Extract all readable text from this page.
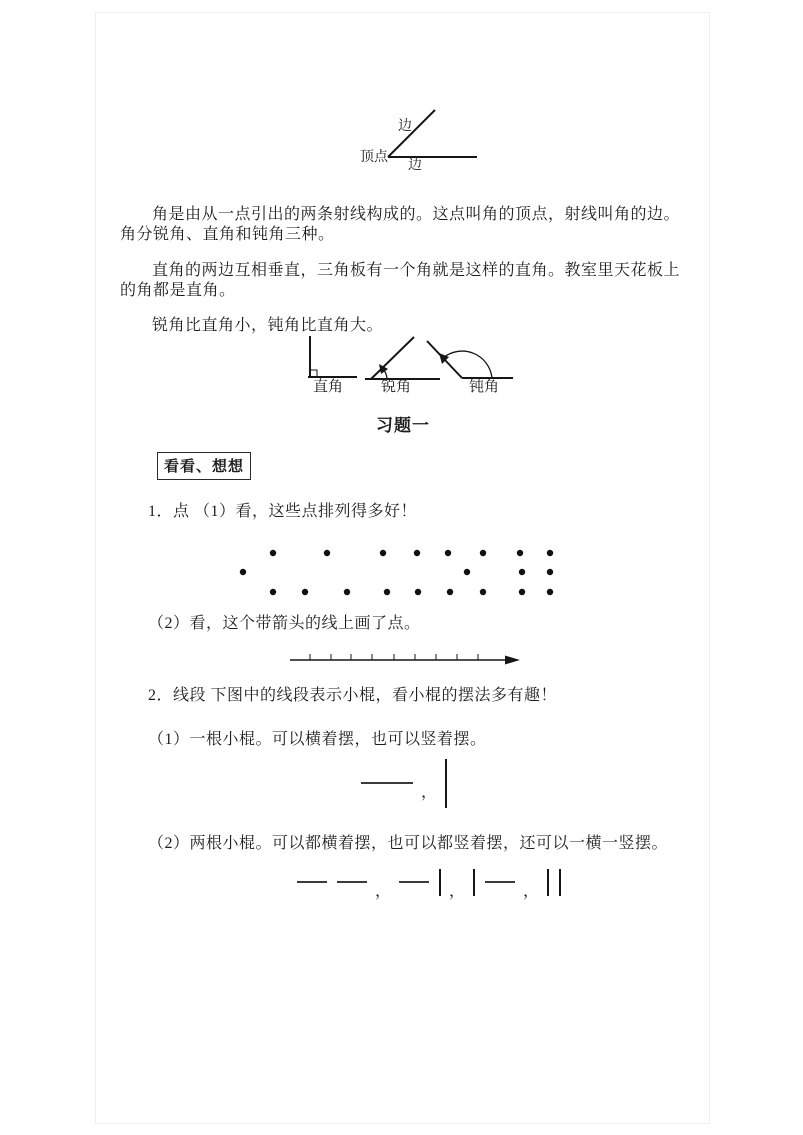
顶点
边
边

角是由从一点引出的两条射线构成的。这点叫角的顶点，射线叫角的边。角分锐角、直角和钝角三种。

直角的两边互相垂直，三角板有一个角就是这样的直角。教室里天花板上的角都是直角。

锐角比直角小，钝角比直角大。

直角	锐角	钝角
习题一
看看、想想
1．点 （1）看，这些点排列得多好！
（2）看，这个带箭头的线上画了点。
2．线段 下图中的线段表示小棍，看小棍的摆法多有趣！
（1）一根小棍。可以横着摆，也可以竖着摆。
，
（2）两根小棍。可以都横着摆，也可以都竖着摆，还可以一横一竖摆。
，	，	，
